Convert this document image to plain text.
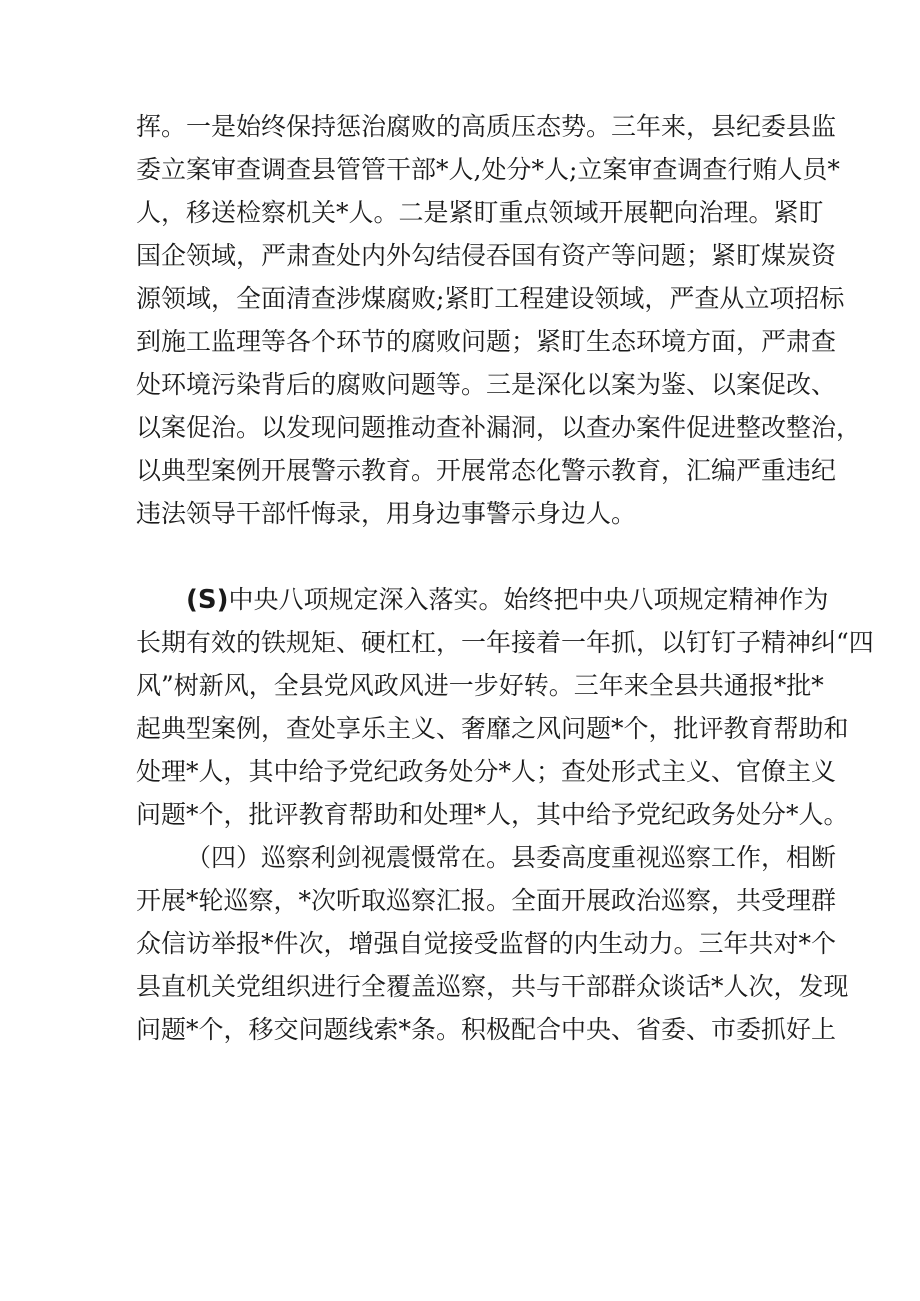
挥。一是始终保持惩治腐败的高质压态势。三年来，县纪委县监
委立案审查调查县管管干部*人,处分*人;立案审查调查行贿人员*
人，移送检察机关*人。二是紧盯重点领域开展靶向治理。紧盯
国企领域，严肃查处内外勾结侵吞国有资产等问题；紧盯煤炭资
源领域，全面清查涉煤腐败;紧盯工程建设领域，严查从立项招标
到施工监理等各个环节的腐败问题；紧盯生态环境方面，严肃查
处环境污染背后的腐败问题等。三是深化以案为鉴、以案促改、
以案促治。以发现问题推动查补漏洞，以查办案件促进整改整治，
以典型案例开展警示教育。开展常态化警示教育，汇编严重违纪
违法领导干部忏悔录，用身边事警示身边人。
(S)中央八项规定深入落实。始终把中央八项规定精神作为
长期有效的铁规矩、硬杠杠，一年接着一年抓，以钉钉子精神纠“四
风”树新风，全县党风政风进一步好转。三年来全县共通报*批*
起典型案例，查处享乐主义、奢靡之风问题*个，批评教育帮助和
处理*人，其中给予党纪政务处分*人；查处形式主义、官僚主义
问题*个，批评教育帮助和处理*人，其中给予党纪政务处分*人。
（四）巡察利剑视震慑常在。县委高度重视巡察工作，相断
开展*轮巡察，*次听取巡察汇报。全面开展政治巡察，共受理群
众信访举报*件次，增强自觉接受监督的内生动力。三年共对*个
县直机关党组织进行全覆盖巡察，共与干部群众谈话*人次，发现
问题*个，移交问题线索*条。积极配合中央、省委、市委抓好上
